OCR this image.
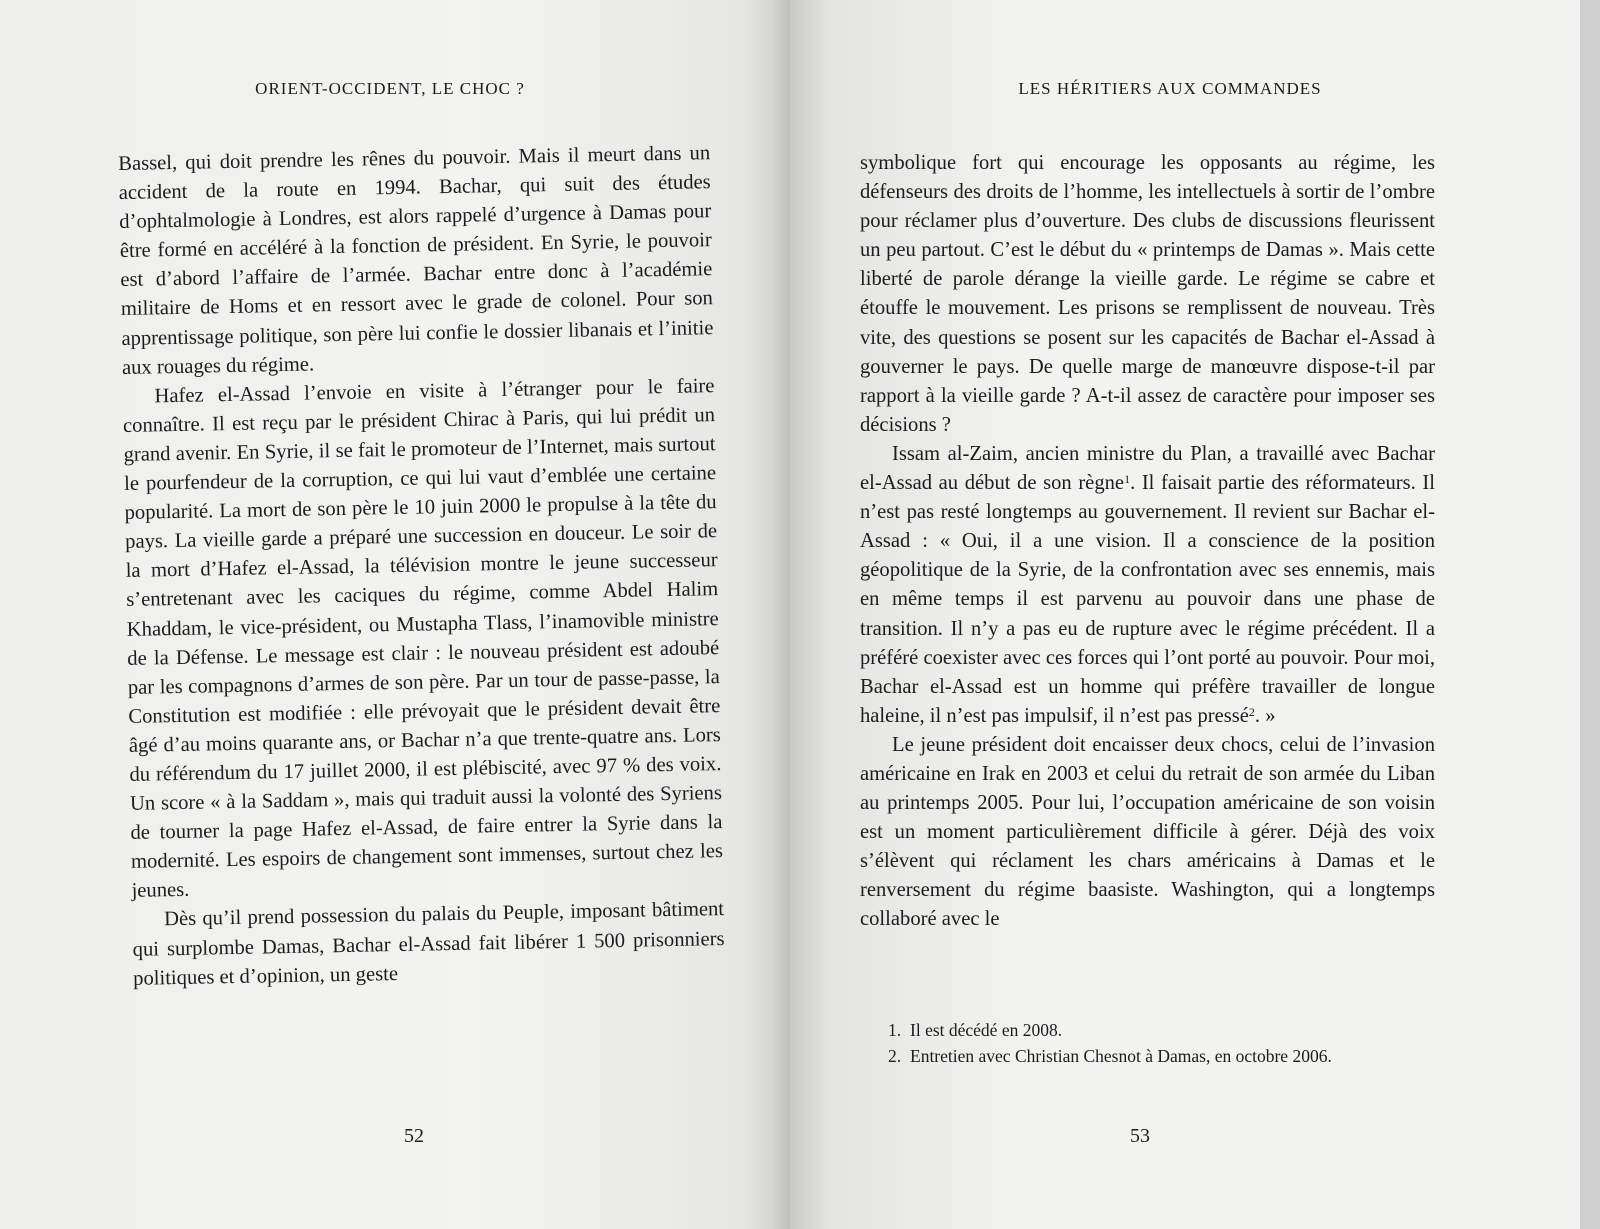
ORIENT-OCCIDENT, LE CHOC ?

Bassel, qui doit prendre les rênes du pouvoir. Mais il meurt dans un accident de la route en 1994. Bachar, qui suit des études d’ophtalmologie à Londres, est alors rappelé d’urgence à Damas pour être formé en accéléré à la fonction de président. En Syrie, le pouvoir est d’abord l’affaire de l’armée. Bachar entre donc à l’académie militaire de Homs et en ressort avec le grade de colonel. Pour son apprentissage politique, son père lui confie le dossier libanais et l’initie aux rouages du régime.

Hafez el-Assad l’envoie en visite à l’étranger pour le faire connaître. Il est reçu par le président Chirac à Paris, qui lui prédit un grand avenir. En Syrie, il se fait le promoteur de l’Internet, mais surtout le pourfendeur de la corruption, ce qui lui vaut d’emblée une certaine popularité. La mort de son père le 10 juin 2000 le propulse à la tête du pays. La vieille garde a préparé une succession en douceur. Le soir de la mort d’Hafez el-Assad, la télévision montre le jeune successeur s’entretenant avec les caciques du régime, comme Abdel Halim Khaddam, le vice-président, ou Mustapha Tlass, l’inamovible ministre de la Défense. Le message est clair : le nouveau président est adoubé par les compagnons d’armes de son père. Par un tour de passe-passe, la Constitution est modifiée : elle prévoyait que le président devait être âgé d’au moins quarante ans, or Bachar n’a que trente-quatre ans. Lors du référendum du 17 juillet 2000, il est plébiscité, avec 97 % des voix. Un score « à la Saddam », mais qui traduit aussi la volonté des Syriens de tourner la page Hafez el-Assad, de faire entrer la Syrie dans la modernité. Les espoirs de changement sont immenses, surtout chez les jeunes.

Dès qu’il prend possession du palais du Peuple, imposant bâtiment qui surplombe Damas, Bachar el-Assad fait libérer 1 500 prisonniers politiques et d’opinion, un geste

52
LES HÉRITIERS AUX COMMANDES

symbolique fort qui encourage les opposants au régime, les défenseurs des droits de l’homme, les intellectuels à sortir de l’ombre pour réclamer plus d’ouverture. Des clubs de discussions fleurissent un peu partout. C’est le début du « printemps de Damas ». Mais cette liberté de parole dérange la vieille garde. Le régime se cabre et étouffe le mouvement. Les prisons se remplissent de nouveau. Très vite, des questions se posent sur les capacités de Bachar el-Assad à gouverner le pays. De quelle marge de manœuvre dispose-t-il par rapport à la vieille garde ? A-t-il assez de caractère pour imposer ses décisions ?

Issam al-Zaim, ancien ministre du Plan, a travaillé avec Bachar el-Assad au début de son règne$^1$. Il faisait partie des réformateurs. Il n’est pas resté longtemps au gouvernement. Il revient sur Bachar el-Assad : « Oui, il a une vision. Il a conscience de la position géopolitique de la Syrie, de la confrontation avec ses ennemis, mais en même temps il est parvenu au pouvoir dans une phase de transition. Il n’y a pas eu de rupture avec le régime précédent. Il a préféré coexister avec ces forces qui l’ont porté au pouvoir. Pour moi, Bachar el-Assad est un homme qui préfère travailler de longue haleine, il n’est pas impulsif, il n’est pas pressé$^2$. »

Le jeune président doit encaisser deux chocs, celui de l’invasion américaine en Irak en 2003 et celui du retrait de son armée du Liban au printemps 2005. Pour lui, l’occupation américaine de son voisin est un moment particulièrement difficile à gérer. Déjà des voix s’élèvent qui réclament les chars américains à Damas et le renversement du régime baasiste. Washington, qui a longtemps collaboré avec le

1. Il est décédé en 2008.
2. Entretien avec Christian Chesnot à Damas, en octobre 2006.
53
